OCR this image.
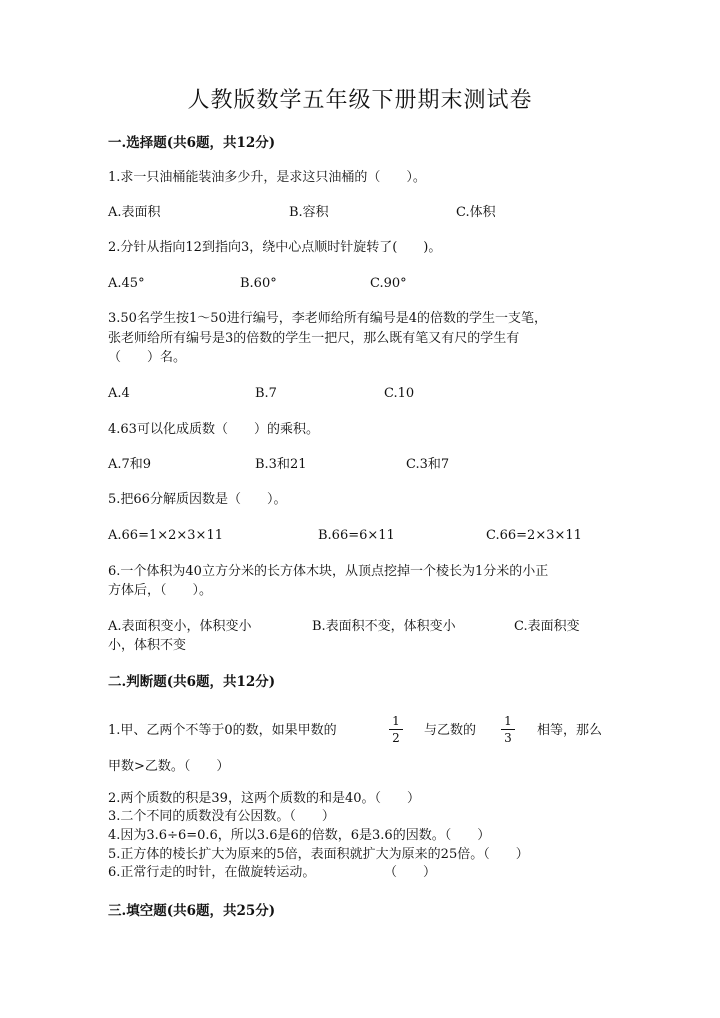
人教版数学五年级下册期末测试卷
一.选择题(共6题，共12分)
1.求一只油桶能装油多少升，是求这只油桶的（　　）。
A.表面积	B.容积	C.体积
2.分针从指向12到指向3，绕中心点顺时针旋转了(　　)。
A.45°	B.60°	C.90°
3.50名学生按1～50进行编号，李老师给所有编号是4的倍数的学生一支笔，
张老师给所有编号是3的倍数的学生一把尺，那么既有笔又有尺的学生有
（　　）名。
A.4	B.7	C.10
4.63可以化成质数（　　）的乘积。
A.7和9	B.3和21	C.3和7
5.把66分解质因数是（　　）。
A.66=1×2×3×11	B.66=6×11	C.66=2×3×11
6.一个体积为40立方分米的长方体木块，从顶点挖掉一个棱长为1分米的小正
方体后，（　　）。
A.表面积变小，体积变小	B.表面积不变，体积变小	C.表面积变
小，体积不变
二.判断题(共6题，共12分)
1.甲、乙两个不等于0的数，如果甲数的
1
2 与乙数的
1
3 相等，那么
甲数>乙数。（　　）
2.两个质数的积是39，这两个质数的和是40。（　　）
3.二个不同的质数没有公因数。（　　）
4.因为3.6÷6=0.6，所以3.6是6的倍数，6是3.6的因数。（　　）
5.正方体的棱长扩大为原来的5倍，表面积就扩大为原来的25倍。（　　）
6.正常行走的时针，在做旋转运动。	（　　）
三.填空题(共6题，共25分)
